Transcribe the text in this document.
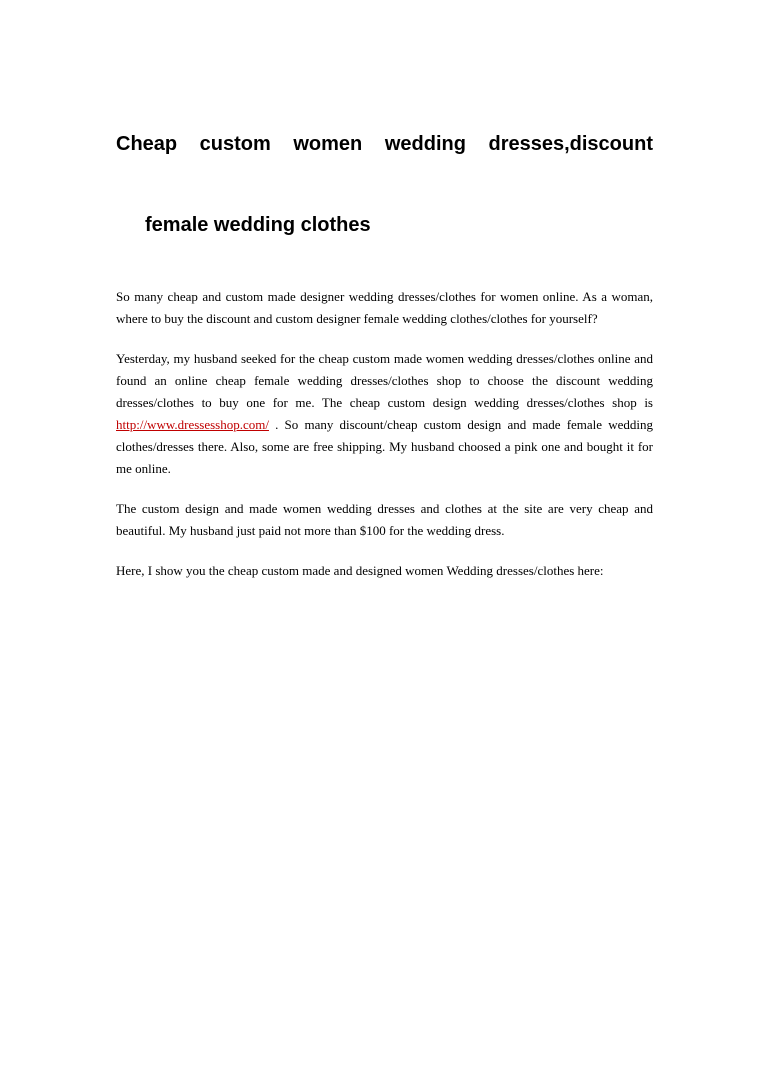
Cheap custom women wedding dresses,discount
female wedding clothes

So many cheap and custom made designer wedding dresses/clothes for women online. As a woman, where to buy the discount and custom designer female wedding clothes/clothes for yourself?

Yesterday, my husband seeked for the cheap custom made women wedding dresses/clothes online and found an online cheap female wedding dresses/clothes shop to choose the discount wedding dresses/clothes to buy one for me. The cheap custom design wedding dresses/clothes shop is http://www.dressesshop.com/ . So many discount/cheap custom design and made female wedding clothes/dresses there. Also, some are free shipping. My husband choosed a pink one and bought it for me online.

The custom design and made women wedding dresses and clothes at the site are very cheap and beautiful. My husband just paid not more than $100 for the wedding dress.

Here, I show you the cheap custom made and designed women Wedding dresses/clothes here:
